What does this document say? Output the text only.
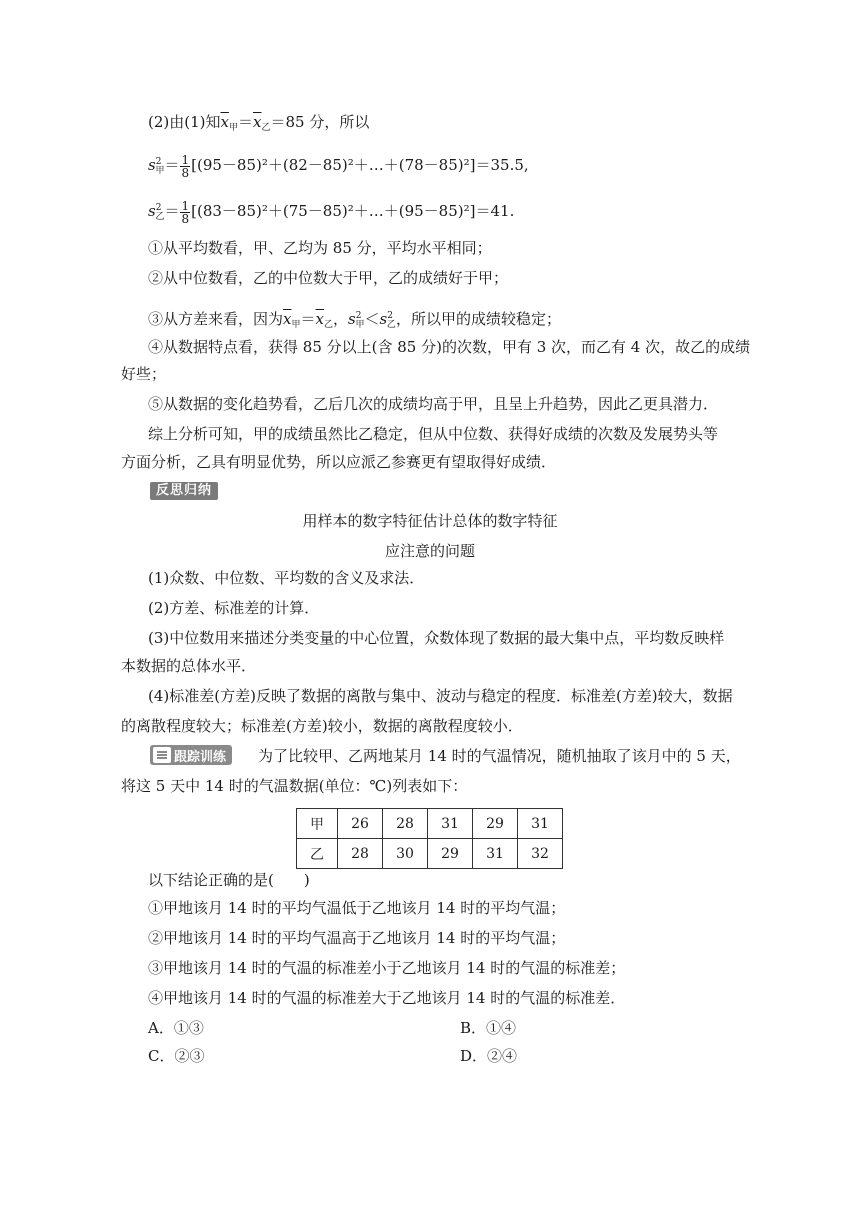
(2)由(1)知$\overline{x}_甲=\overline{x}_乙=85$ 分，所以
$s^2_甲= \frac{1}{8}$ [(95－85)²＋(82－85)²＋…＋(78－85)²]＝35.5,
$s^2_乙= \frac{1}{8}$ [(83－85)²＋(75－85)²＋…＋(95－85)²]＝41.
①从平均数看，甲、乙均为 85 分，平均水平相同；
②从中位数看，乙的中位数大于甲，乙的成绩好于甲；
③从方差来看，因为$\overline{x}_甲=\overline{x}_乙$，$s^2_甲<s^2_乙$，所以甲的成绩较稳定；
④从数据特点看，获得 85 分以上(含 85 分)的次数，甲有 3 次，而乙有 4 次，故乙的成绩
好些；
⑤从数据的变化趋势看，乙后几次的成绩均高于甲，且呈上升趋势，因此乙更具潜力．
综上分析可知，甲的成绩虽然比乙稳定，但从中位数、获得好成绩的次数及发展势头等
方面分析，乙具有明显优势，所以应派乙参赛更有望取得好成绩．
反思归纳
用样本的数字特征估计总体的数字特征
应注意的问题
(1)众数、中位数、平均数的含义及求法．
(2)方差、标准差的计算．
(3)中位数用来描述分类变量的中心位置，众数体现了数据的最大集中点，平均数反映样
本数据的总体水平．
(4)标准差(方差)反映了数据的离散与集中、波动与稳定的程度．标准差(方差)较大，数据
的离散程度较大；标准差(方差)较小，数据的离散程度较小．
跟踪训练 为了比较甲、乙两地某月 14 时的气温情况，随机抽取了该月中的 5 天，
将这 5 天中 14 时的气温数据(单位：℃)列表如下：
甲	26	28	31	29	31
乙	28	30	29	31	32
以下结论正确的是(　　)
①甲地该月 14 时的平均气温低于乙地该月 14 时的平均气温；
②甲地该月 14 时的平均气温高于乙地该月 14 时的平均气温；
③甲地该月 14 时的气温的标准差小于乙地该月 14 时的气温的标准差；
④甲地该月 14 时的气温的标准差大于乙地该月 14 时的气温的标准差．
A．①③	B．①④
C．②③	D．②④
